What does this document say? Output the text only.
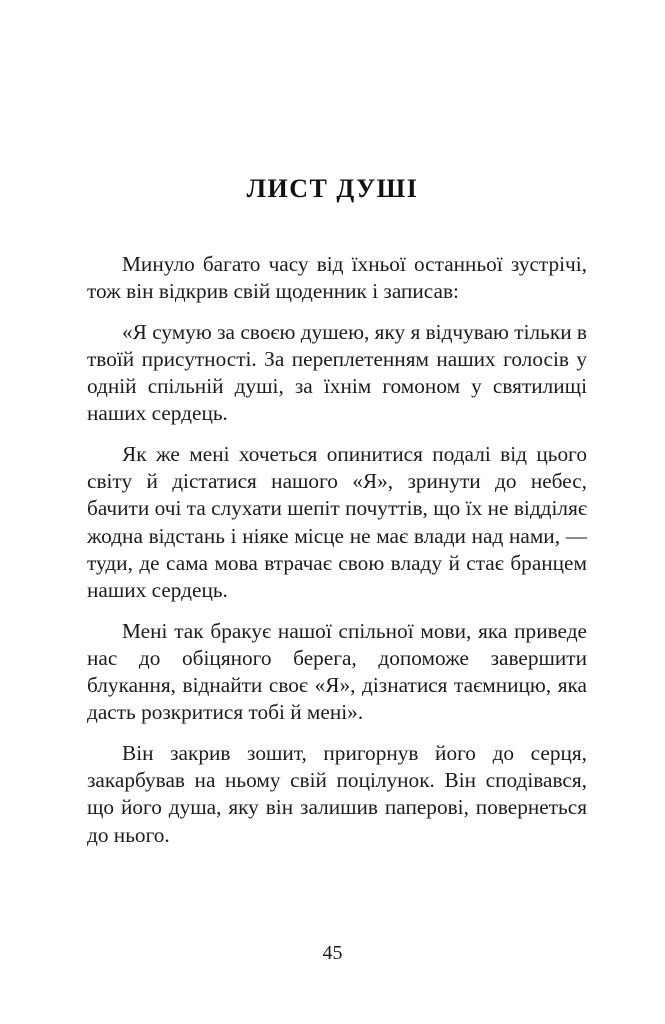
ЛИСТ ДУШІ

Минуло багато часу від їхньої останньої зустрічі, тож він відкрив свій щоденник і записав:

«Я сумую за своєю душею, яку я відчуваю тільки в твоїй присутності. За переплетенням наших голосів у одній спільній душі, за їхнім гомоном у святилищі наших сердець.

Як же мені хочеться опинитися подалі від цього світу й дістатися нашого «Я», зринути до небес, бачити очі та слухати шепіт почуттів, що їх не відділяє жодна відстань і ніяке місце не має влади над нами, — туди, де сама мова втрачає свою владу й стає бранцем наших сердець.

Мені так бракує нашої спільної мови, яка приведе нас до обіцяного берега, допоможе завершити блукання, віднайти своє «Я», дізнатися таємницю, яка дасть розкритися тобі й мені».

Він закрив зошит, пригорнув його до серця, закарбував на ньому свій поцілунок. Він сподівався, що його душа, яку він залишив паперові, повернеться до нього.

45
